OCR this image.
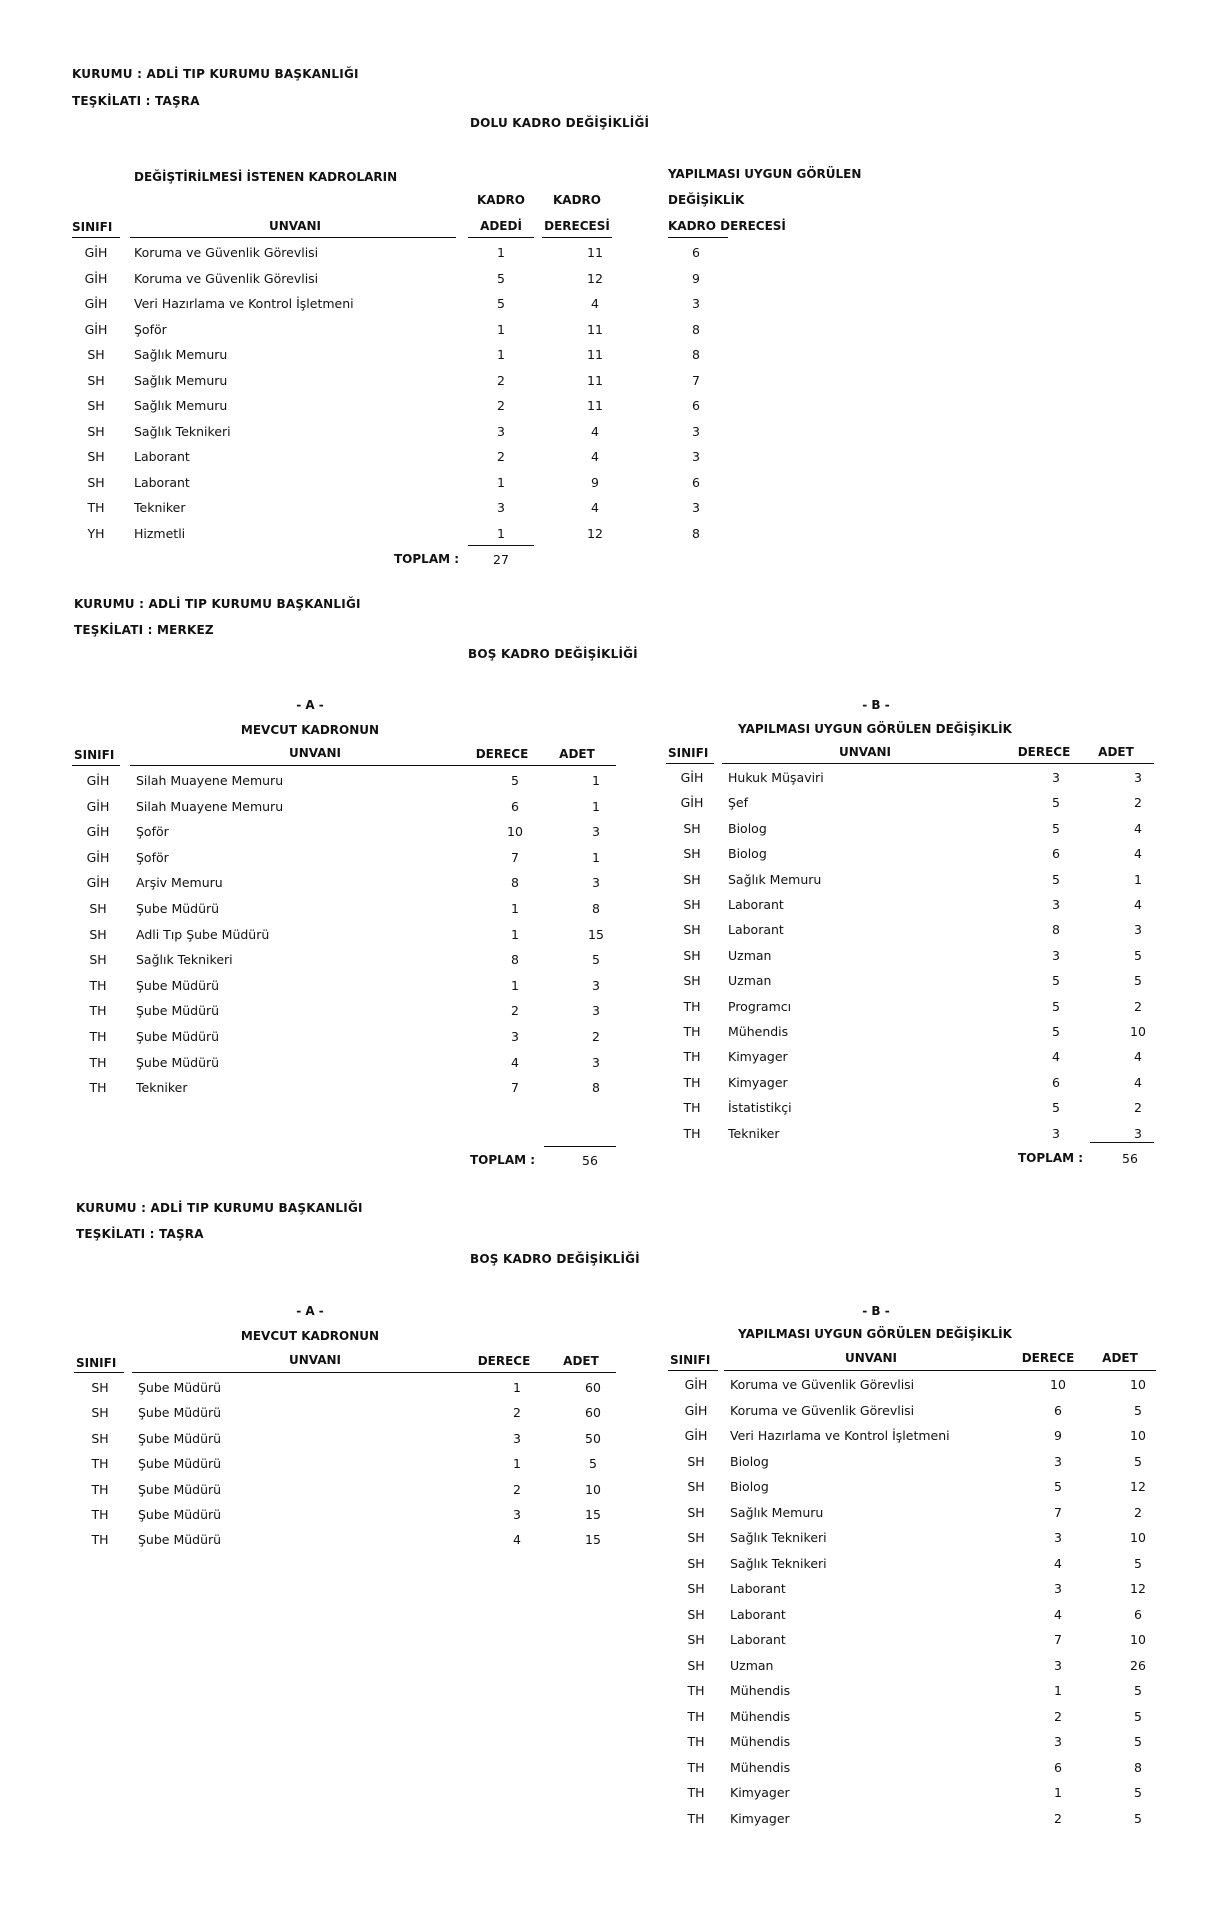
KURUMU : ADLİ TIP KURUMU BAŞKANLIĞI
TEŞKİLATI : TAŞRA
DOLU KADRO DEĞİŞİKLİĞİ
DEĞİŞTİRİLMESİ İSTENEN KADROLARIN	YAPILMASI UYGUN GÖRÜLEN
DEĞİŞİKLİK
KADRO DERECESİ
KADRO
ADEDİ
KADRO
DERECESİ
SINIFI	UNVANI
GİH	Koruma ve Güvenlik Görevlisi	1	11	6
GİH	Koruma ve Güvenlik Görevlisi	5	12	9
GİH	Veri Hazırlama ve Kontrol İşletmeni	5	4	3
GİH	Şoför	1	11	8
SH	Sağlık Memuru	1	11	8
SH	Sağlık Memuru	2	11	7
SH	Sağlık Memuru	2	11	6
SH	Sağlık Teknikeri	3	4	3
SH	Laborant	2	4	3
SH	Laborant	1	9	6
TH	Tekniker	3	4	3
YH	Hizmetli	1	12	8
TOPLAM :	27
KURUMU : ADLİ TIP KURUMU BAŞKANLIĞI
TEŞKİLATI : MERKEZ
BOŞ KADRO DEĞİŞİKLİĞİ
- A -
MEVCUT KADRONUN
- B -
YAPILMASI UYGUN GÖRÜLEN DEĞİŞİKLİK
SINIFI	UNVANI	DERECE	ADET	SINIFI	UNVANI	DERECE	ADET
GİH	Silah Muayene Memuru	5	1
GİH	Silah Muayene Memuru	6	1
GİH	Şoför	10	3
GİH	Şoför	7	1
GİH	Arşiv Memuru	8	3
SH	Şube Müdürü	1	8
SH	Adli Tıp Şube Müdürü	1	15
SH	Sağlık Teknikeri	8	5
TH	Şube Müdürü	1	3
TH	Şube Müdürü	2	3
TH	Şube Müdürü	3	2
TH	Şube Müdürü	4	3
TH	Tekniker	7	8
GİH	Hukuk Müşaviri	3	3
GİH	Şef	5	2
SH	Biolog	5	4
SH	Biolog	6	4
SH	Sağlık Memuru	5	1
SH	Laborant	3	4
SH	Laborant	8	3
SH	Uzman	3	5
SH	Uzman	5	5
TH	Programcı	5	2
TH	Mühendis	5	10
TH	Kimyager	4	4
TH	Kimyager	6	4
TH	İstatistikçi	5	2
TH	Tekniker	3	3
TOPLAM :	56	TOPLAM :	56
KURUMU : ADLİ TIP KURUMU BAŞKANLIĞI
TEŞKİLATI : TAŞRA
BOŞ KADRO DEĞİŞİKLİĞİ
- A -
MEVCUT KADRONUN
- B -
YAPILMASI UYGUN GÖRÜLEN DEĞİŞİKLİK
SINIFI	UNVANI	DERECE	ADET	SINIFI	UNVANI	DERECE	ADET
SH	Şube Müdürü	1	60
SH	Şube Müdürü	2	60
SH	Şube Müdürü	3	50
TH	Şube Müdürü	1	5
TH	Şube Müdürü	2	10
TH	Şube Müdürü	3	15
TH	Şube Müdürü	4	15
GİH	Koruma ve Güvenlik Görevlisi	10	10
GİH	Koruma ve Güvenlik Görevlisi	6	5
GİH	Veri Hazırlama ve Kontrol İşletmeni	9	10
SH	Biolog	3	5
SH	Biolog	5	12
SH	Sağlık Memuru	7	2
SH	Sağlık Teknikeri	3	10
SH	Sağlık Teknikeri	4	5
SH	Laborant	3	12
SH	Laborant	4	6
SH	Laborant	7	10
SH	Uzman	3	26
TH	Mühendis	1	5
TH	Mühendis	2	5
TH	Mühendis	3	5
TH	Mühendis	6	8
TH	Kimyager	1	5
TH	Kimyager	2	5
